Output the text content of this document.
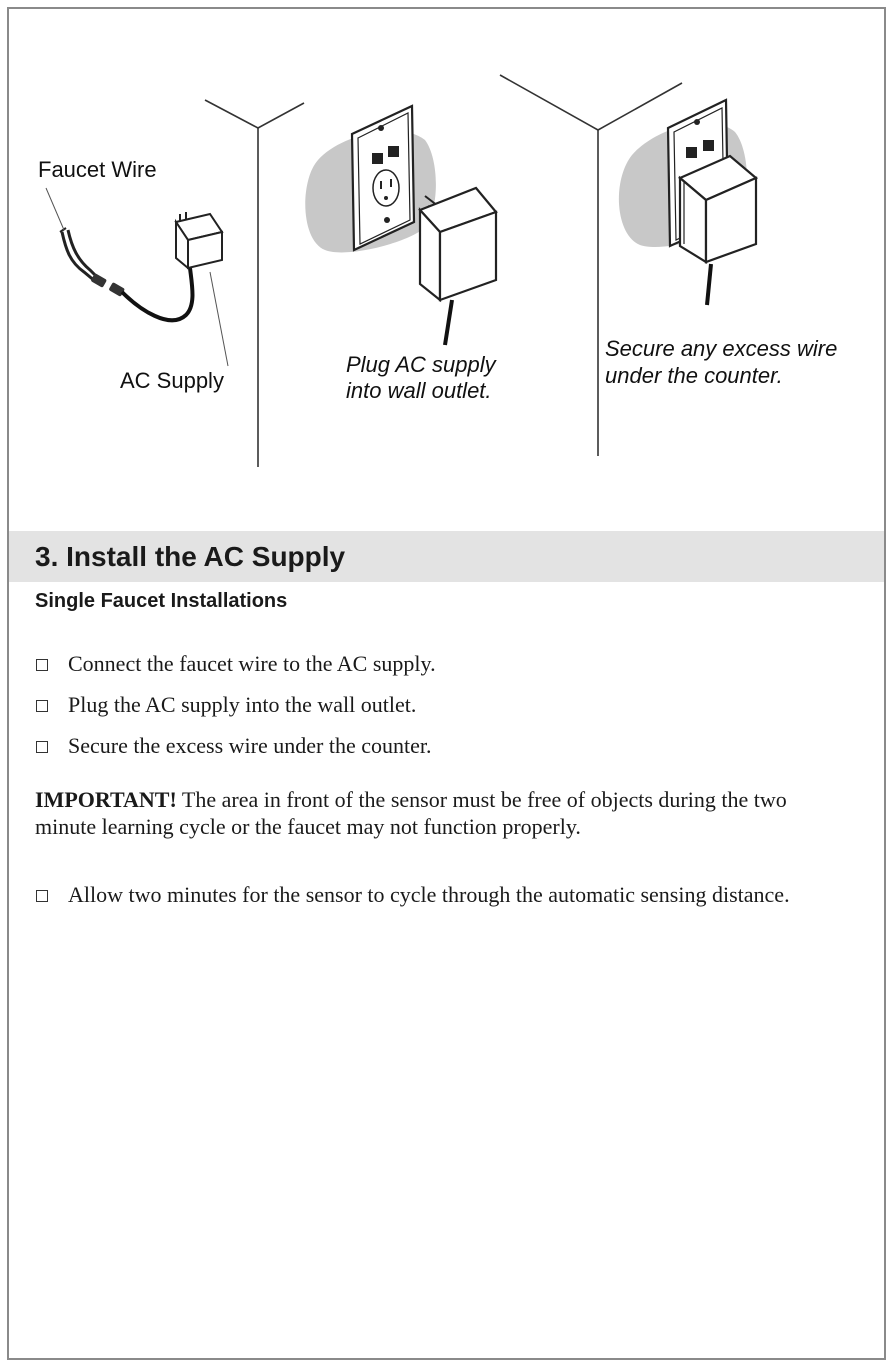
Faucet Wire
AC Supply
Plug AC supply
into wall outlet.
Secure any excess wire
under the counter.
3. Install the AC Supply
Single Faucet Installations
Connect the faucet wire to the AC supply.
Plug the AC supply into the wall outlet.
Secure the excess wire under the counter.

IMPORTANT! The area in front of the sensor must be free of objects during the two minute learning cycle or the faucet may not function properly.

Allow two minutes for the sensor to cycle through the automatic sensing distance.
